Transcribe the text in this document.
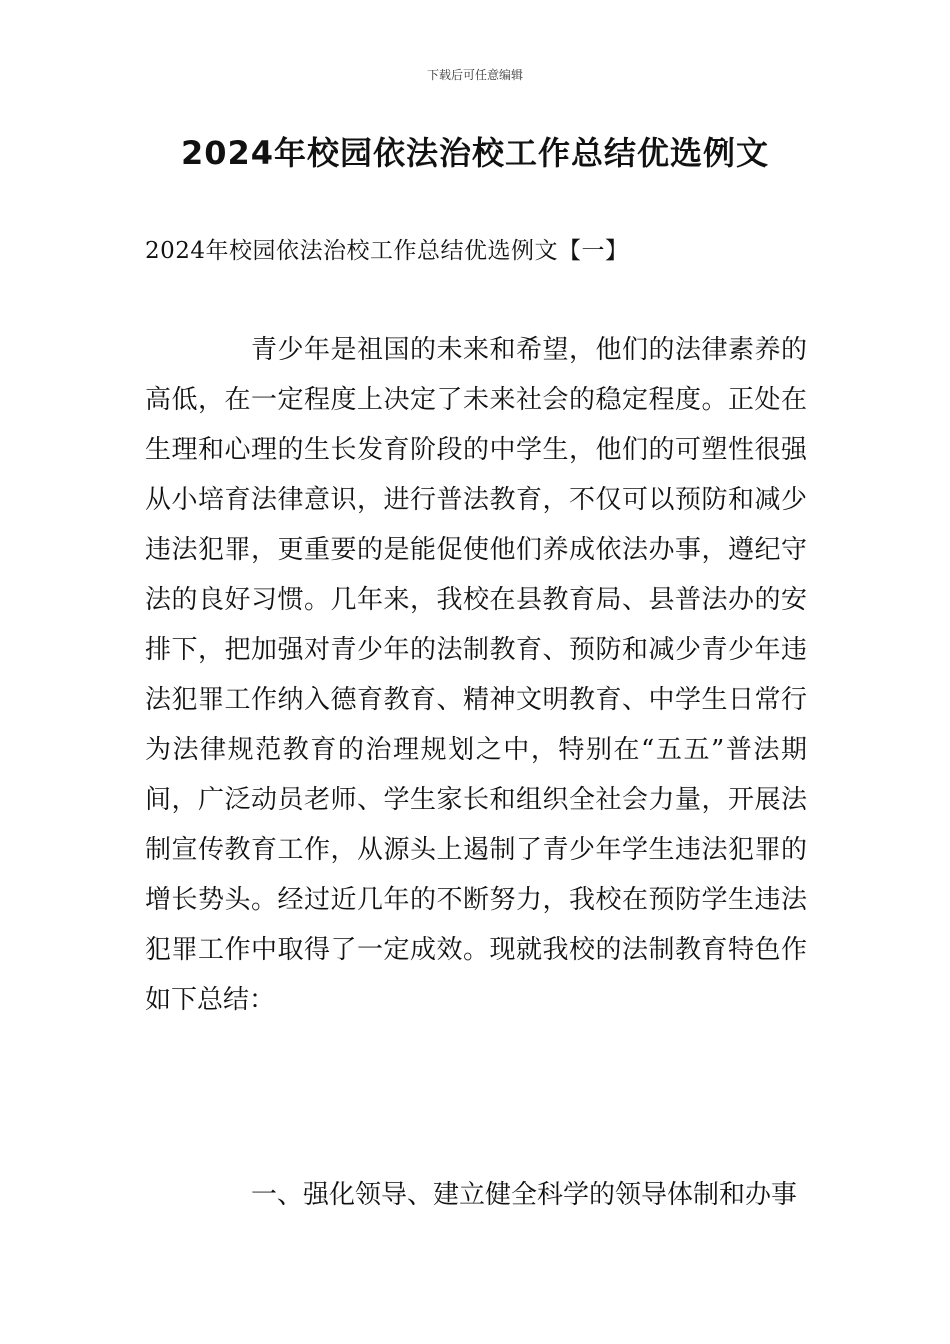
下载后可任意编辑
2024年校园依法治校工作总结优选例文
2024年校园依法治校工作总结优选例文【一】

青少年是祖国的未来和希望，他们的法律素养的高低，在一定程度上决定了未来社会的稳定程度。正处在生理和心理的生长发育阶段的中学生，他们的可塑性很强从小培育法律意识，进行普法教育，不仅可以预防和减少违法犯罪，更重要的是能促使他们养成依法办事，遵纪守法的良好习惯。几年来，我校在县教育局、县普法办的安排下，把加强对青少年的法制教育、预防和减少青少年违法犯罪工作纳入德育教育、精神文明教育、中学生日常行为法律规范教育的治理规划之中，特别在“五五”普法期间，广泛动员老师、学生家长和组织全社会力量，开展法制宣传教育工作，从源头上遏制了青少年学生违法犯罪的增长势头。经过近几年的不断努力，我校在预防学生违法犯罪工作中取得了一定成效。现就我校的法制教育特色作如下总结：

一、强化领导、建立健全科学的领导体制和办事
